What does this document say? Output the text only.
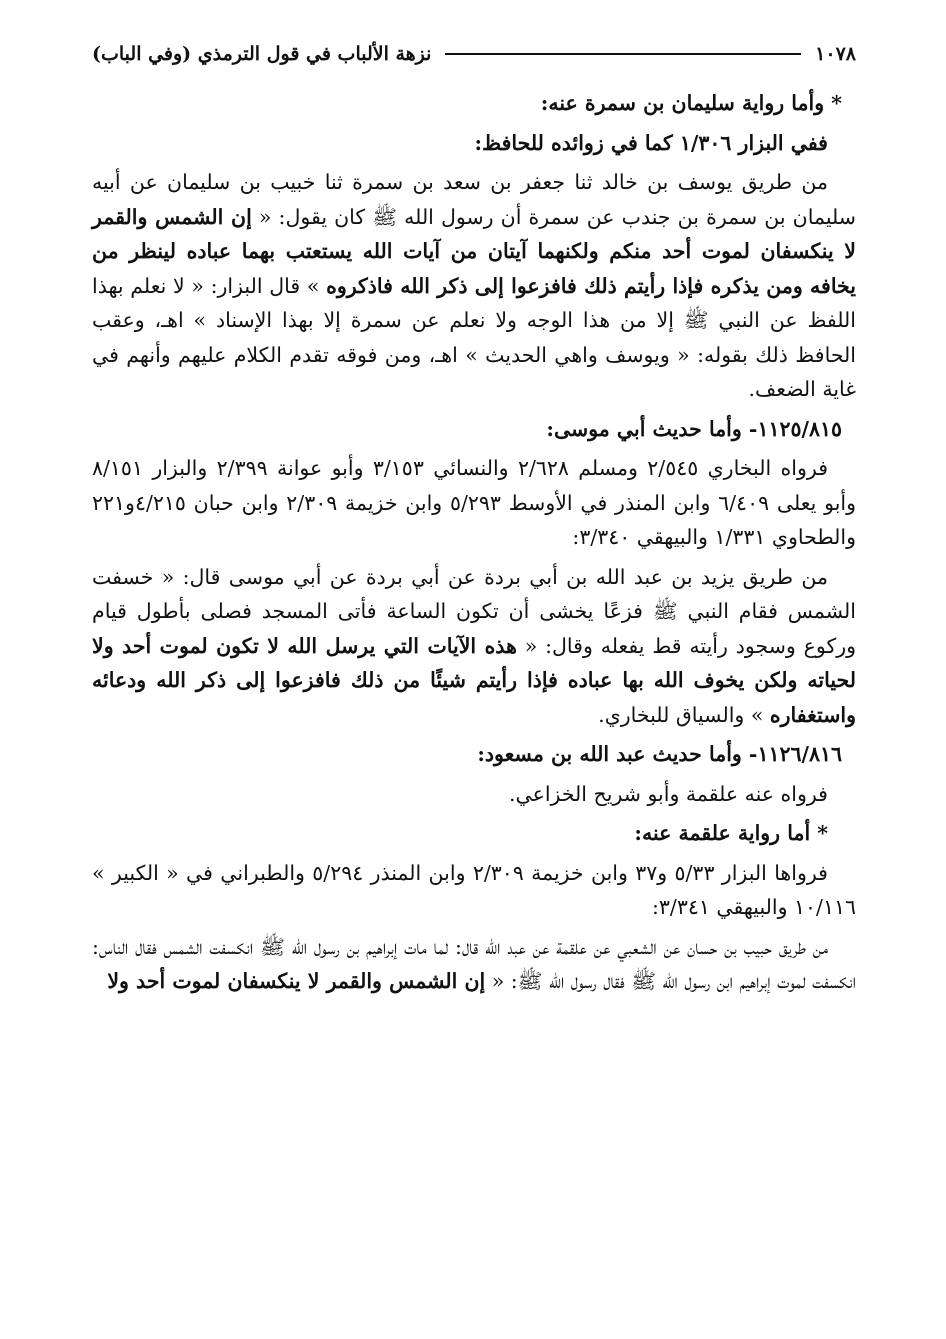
١٠٧٨
نزهة الألباب في قول الترمذي (وفي الباب)

* وأما رواية سليمان بن سمرة عنه:

ففي البزار ١/٣٠٦ كما في زوائده للحافظ:

من طريق يوسف بن خالد ثنا جعفر بن سعد بن سمرة ثنا خبيب بن سليمان عن أبيه سليمان بن سمرة بن جندب عن سمرة أن رسول الله ﷺ كان يقول: « إن الشمس والقمر لا ينكسفان لموت أحد منكم ولكنهما آيتان من آيات الله يستعتب بهما عباده لينظر من يخافه ومن يذكره فإذا رأيتم ذلك فافزعوا إلى ذكر الله فاذكروه » قال البزار: « لا نعلم بهذا اللفظ عن النبي ﷺ إلا من هذا الوجه ولا نعلم عن سمرة إلا بهذا الإسناد » اهـ، وعقب الحافظ ذلك بقوله: « ويوسف واهي الحديث » اهـ، ومن فوقه تقدم الكلام عليهم وأنهم في غاية الضعف.

١١٢٥/٨١٥- وأما حديث أبي موسى:

فرواه البخاري ٢/٥٤٥ ومسلم ٢/٦٢٨ والنسائي ٣/١٥٣ وأبو عوانة ٢/٣٩٩ والبزار ٨/١٥١ وأبو يعلى ٦/٤٠٩ وابن المنذر في الأوسط ٥/٢٩٣ وابن خزيمة ٢/٣٠٩ وابن حبان ٤/٢١٥و٢٢١ والطحاوي ١/٣٣١ والبيهقي ٣/٣٤٠:

من طريق يزيد بن عبد الله بن أبي بردة عن أبي بردة عن أبي موسى قال: « خسفت الشمس فقام النبي ﷺ فزعًا يخشى أن تكون الساعة فأتى المسجد فصلى بأطول قيام وركوع وسجود رأيته قط يفعله وقال: « هذه الآيات التي يرسل الله لا تكون لموت أحد ولا لحياته ولكن يخوف الله بها عباده فإذا رأيتم شيئًا من ذلك فافزعوا إلى ذكر الله ودعائه واستغفاره » والسياق للبخاري.

١١٢٦/٨١٦- وأما حديث عبد الله بن مسعود:

فرواه عنه علقمة وأبو شريح الخزاعي.

* أما رواية علقمة عنه:

فرواها البزار ٥/٣٣ و٣٧ وابن خزيمة ٢/٣٠٩ وابن المنذر ٥/٢٩٤ والطبراني في « الكبير » ١٠/١١٦ والبيهقي ٣/٣٤١:

من طريق حبيب بن حسان عن الشعبي عن علقمة عن عبد الله قال: لما مات إبراهيم بن رسول الله ﷺ انكسفت الشمس فقال الناس: انكسفت لموت إبراهيم ابن رسول الله ﷺ فقال رسول الله ﷺ: « إن الشمس والقمر لا ينكسفان لموت أحد ولا
